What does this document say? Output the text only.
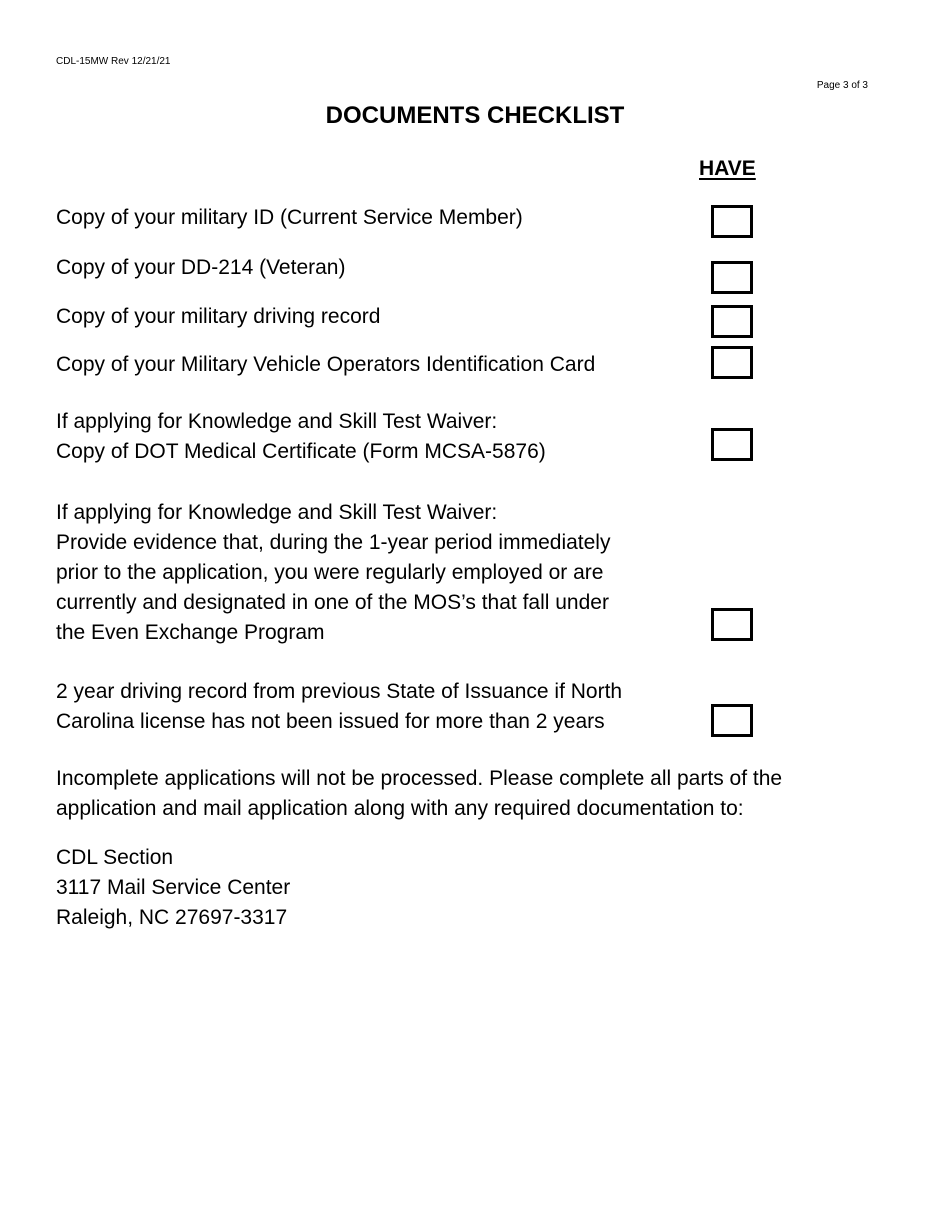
CDL-15MW Rev 12/21/21

Page 3 of 3

DOCUMENTS CHECKLIST
HAVE
Copy of your military ID (Current Service Member)
Copy of your DD-214 (Veteran)
Copy of your military driving record
Copy of your Military Vehicle Operators Identification Card
If applying for Knowledge and Skill Test Waiver:
Copy of DOT Medical Certificate (Form MCSA-5876)
If applying for Knowledge and Skill Test Waiver:
Provide evidence that, during the 1-year period immediately
prior to the application, you were regularly employed or are
currently and designated in one of the MOS’s that fall under
the Even Exchange Program
2 year driving record from previous State of Issuance if North
Carolina license has not been issued for more than 2 years
Incomplete applications will not be processed. Please complete all parts of the
application and mail application along with any required documentation to:
CDL Section
3117 Mail Service Center
Raleigh, NC 27697-3317
